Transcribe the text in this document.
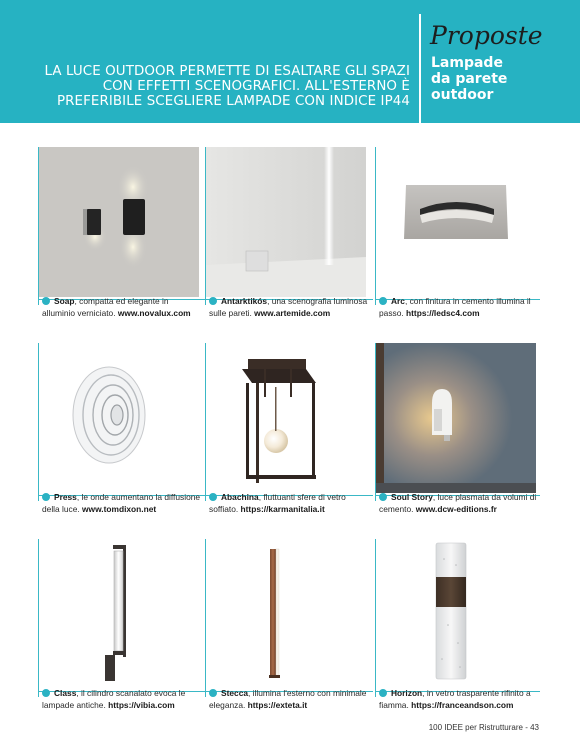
LA LUCE OUTDOOR PERMETTE DI ESALTARE GLI SPAZI CON EFFETTI SCENOGRAFICI. ALL'ESTERNO È PREFERIBILE SCEGLIERE LAMPADE CON INDICE IP44
Proposte
Lampade
da parete
outdoor
Soap, compatta ed elegante in alluminio verniciato. www.novalux.com
Antarktikós, una scenografia luminosa sulle pareti. www.artemide.com
Arc, con finitura in cemento illumina il passo. https://ledsc4.com
Press, le onde aumentano la diffusione della luce. www.tomdixon.net
Abachina, fluttuanti sfere di vetro soffiato. https://karmanitalia.it
Soul Story, luce plasmata da volumi di cemento. www.dcw-editions.fr
Class, il cilindro scanalato evoca le lampade antiche. https://vibia.com
Stecca, illumina l'esterno con minimale eleganza. https://exteta.it
Horizon, in vetro trasparente rifinito a fiamma. https://franceandson.com
100 IDEE per Ristrutturare - 43
